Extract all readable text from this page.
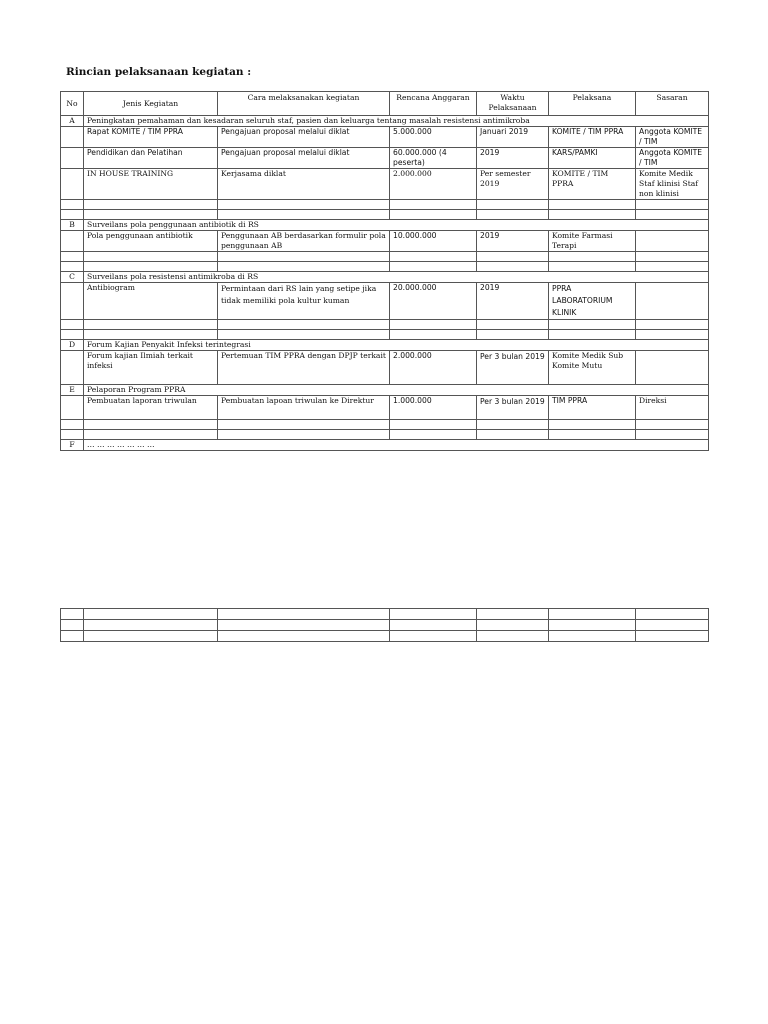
Rincian pelaksanaan kegiatan :
No	Jenis Kegiatan	Cara melaksanakan kegiatan	Rencana Anggaran	Waktu Pelaksanaan	Pelaksana	Sasaran
A	Peningkatan pemahaman dan kesadaran seluruh staf, pasien dan keluarga tentang masalah resistensi antimikroba					
	Rapat KOMITE / TIM PPRA	Pengajuan proposal melalui diklat	5.000.000	Januari 2019	KOMITE / TIM PPRA	Anggota KOMITE / TIM
	Pendidikan dan Pelatihan	Pengajuan proposal melalui diklat	60.000.000 (4 peserta)	2019	KARS/PAMKI	Anggota KOMITE / TIM
	IN HOUSE TRAINING	Kerjasama diklat	2.000.000	Per semester 2019	KOMITE / TIM PPRA	Komite Medik Staf klinisi Staf non klinisi

B	Surveilans pola penggunaan antibiotik di RS					
	Pola penggunaan antibiotik	Penggunaan AB berdasarkan formulir pola penggunaan AB	10.000.000	2019	Komite Farmasi Terapi	

C	Surveilans pola resistensi antimikroba di RS					
	Antibiogram	Permintaan dari RS lain yang setipe jika tidak memiliki pola kultur kuman	20.000.000	2019	PPRA LABORATORIUM KLINIK	

D	Forum Kajian Penyakit Infeksi terintegrasi					
	Forum kajian Ilmiah terkait infeksi	Pertemuan TIM PPRA dengan DPJP terkait	2.000.000	Per 3 bulan 2019	Komite Medik Sub Komite Mutu	
E	Pelaporan Program PPRA					
	Pembuatan laporan triwulan	Pembuatan lapoan triwulan ke Direktur	1.000.000	Per 3 bulan 2019	TIM PPRA	Direksi

F	… … … … … … …					
